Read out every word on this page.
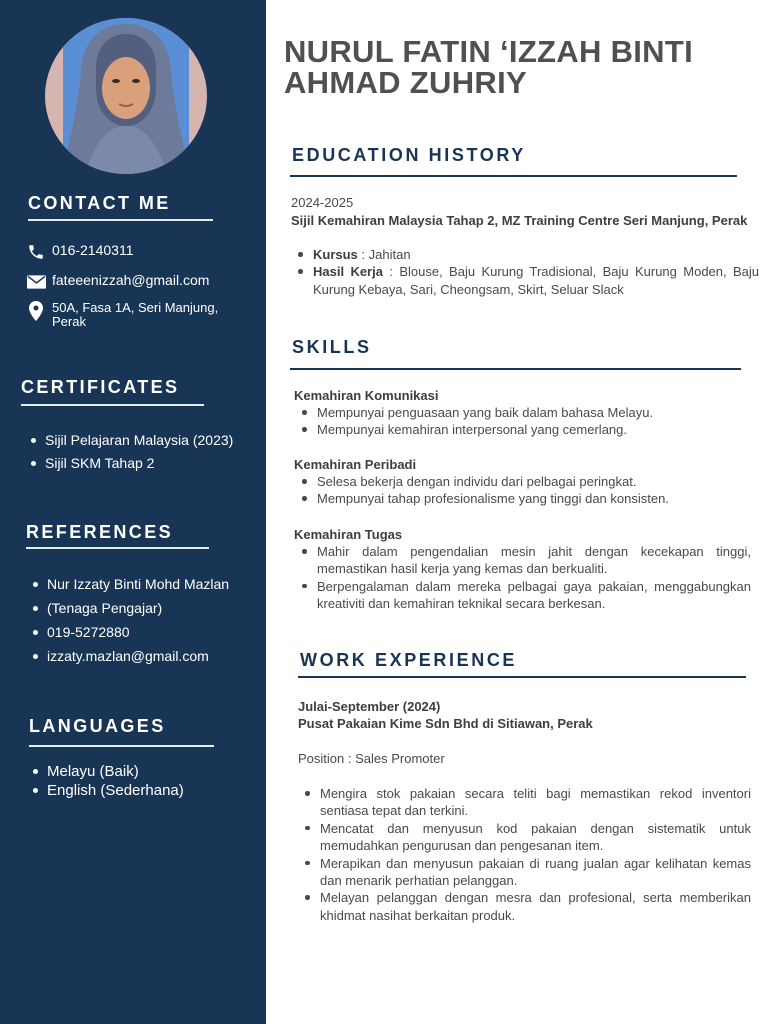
CONTACT ME
016-2140311
fateeenizzah@gmail.com
50A, Fasa 1A, Seri Manjung, Perak
CERTIFICATES
Sijil Pelajaran Malaysia (2023)
Sijil SKM Tahap 2
REFERENCES
Nur Izzaty Binti Mohd Mazlan
(Tenaga Pengajar)
019-5272880
izzaty.mazlan@gmail.com
LANGUAGES
Melayu (Baik)
English (Sederhana)
NURUL FATIN ‘IZZAH BINTI AHMAD ZUHRIY
EDUCATION HISTORY
2024-2025
Sijil Kemahiran Malaysia Tahap 2, MZ Training Centre Seri Manjung, Perak
Kursus : Jahitan
Hasil Kerja : Blouse, Baju Kurung Tradisional, Baju Kurung Moden, Baju Kurung Kebaya, Sari, Cheongsam, Skirt, Seluar Slack
SKILLS
Kemahiran Komunikasi
Mempunyai penguasaan yang baik dalam bahasa Melayu.
Mempunyai kemahiran interpersonal yang cemerlang.
Kemahiran Peribadi
Selesa bekerja dengan individu dari pelbagai peringkat.
Mempunyai tahap profesionalisme yang tinggi dan konsisten.
Kemahiran Tugas
Mahir dalam pengendalian mesin jahit dengan kecekapan tinggi, memastikan hasil kerja yang kemas dan berkualiti.
Berpengalaman dalam mereka pelbagai gaya pakaian, menggabungkan kreativiti dan kemahiran teknikal secara berkesan.
WORK EXPERIENCE
Julai-September (2024)
Pusat Pakaian Kime Sdn Bhd di Sitiawan, Perak
Position : Sales Promoter
Mengira stok pakaian secara teliti bagi memastikan rekod inventori sentiasa tepat dan terkini.
Mencatat dan menyusun kod pakaian dengan sistematik untuk memudahkan pengurusan dan pengesanan item.
Merapikan dan menyusun pakaian di ruang jualan agar kelihatan kemas dan menarik perhatian pelanggan.
Melayan pelanggan dengan mesra dan profesional, serta memberikan khidmat nasihat berkaitan produk.
